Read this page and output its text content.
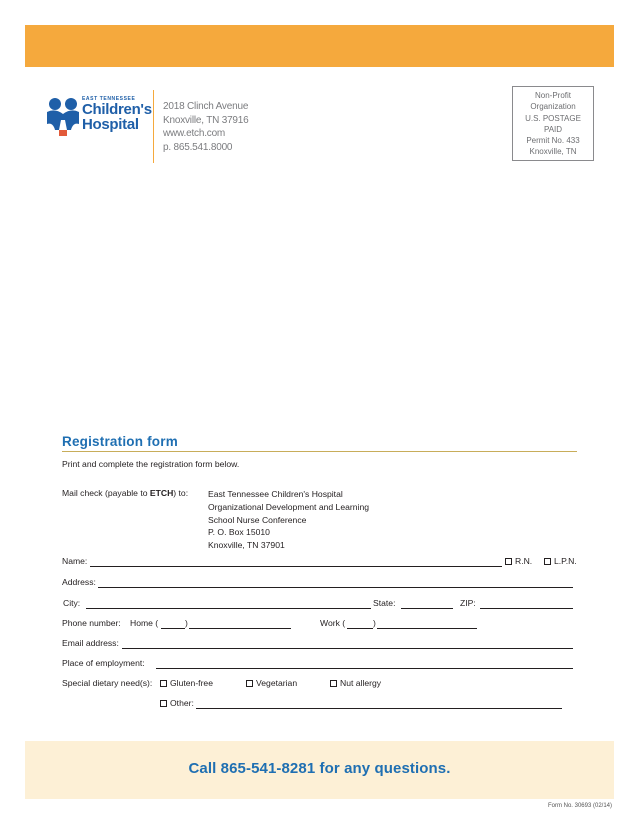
EAST TENNESSEE
Children's
Hospital
2018 Clinch Avenue
Knoxville, TN 37916
www.etch.com
p. 865.541.8000
Non-Profit
Organization
U.S. POSTAGE
PAID
Permit No. 433
Knoxville, TN
Registration form
Print and complete the registration form below.
Mail check (payable to ETCH) to: East Tennessee Children's Hospital
Organizational Development and Learning
School Nurse Conference
P. O. Box 15010
Knoxville, TN 37901
Name:	R.N.	L.P.N.
Address:
City:	State:	ZIP:
Phone number: Home (	)	Work (	)
Email address:
Place of employment:
Special dietary need(s):	Gluten-free	Vegetarian	Nut allergy
Other:
Call 865-541-8281 for any questions.
Form No. 30693 (02/14)
